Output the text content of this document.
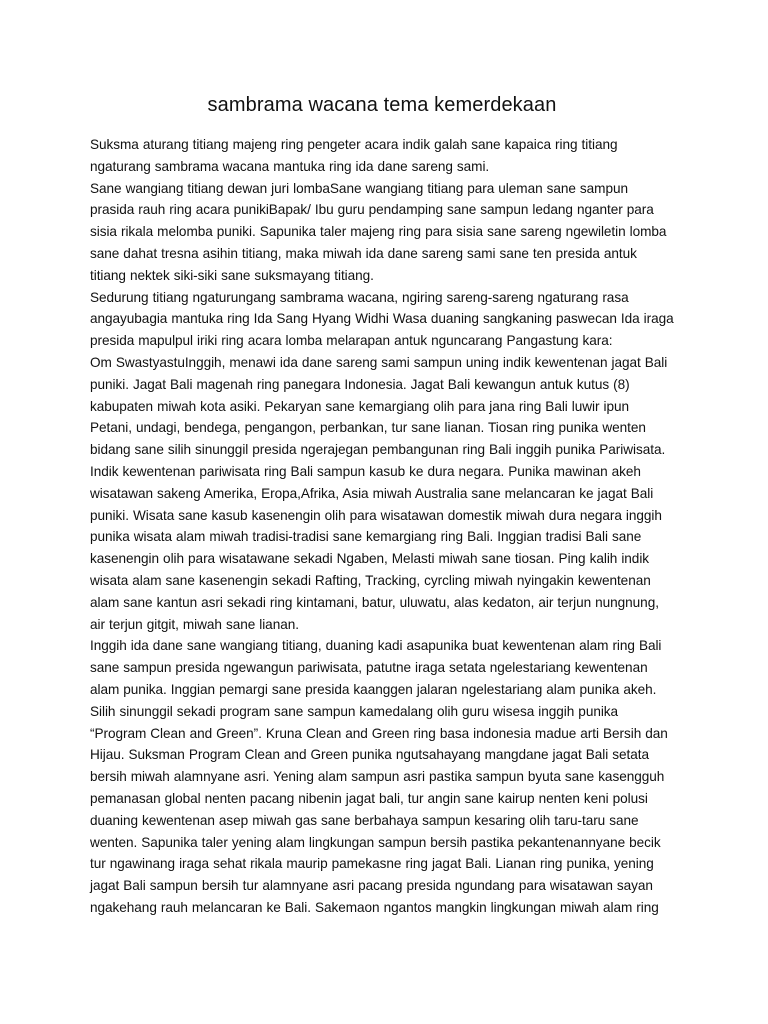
sambrama wacana tema kemerdekaan

Suksma aturang titiang majeng ring pengeter acara indik galah sane kapaica ring titiang ngaturang sambrama wacana mantuka ring ida dane sareng sami.

Sane wangiang titiang dewan juri lombaSane wangiang titiang para uleman sane sampun prasida rauh ring acara punikiBapak/ Ibu guru pendamping sane sampun ledang nganter para sisia rikala melomba puniki. Sapunika taler majeng ring para sisia sane sareng ngewiletin lomba sane dahat tresna asihin titiang, maka miwah ida dane sareng sami sane ten presida antuk titiang nektek siki-siki sane suksmayang titiang.

Sedurung titiang ngaturungang sambrama wacana, ngiring sareng-sareng ngaturang rasa angayubagia mantuka ring Ida Sang Hyang Widhi Wasa duaning sangkaning paswecan Ida iraga presida mapulpul iriki ring acara lomba melarapan antuk nguncarang Pangastung kara:

Om SwastyastuInggih, menawi ida dane sareng sami sampun uning indik kewentenan jagat Bali puniki. Jagat Bali magenah ring panegara Indonesia. Jagat Bali kewangun antuk kutus (8) kabupaten miwah kota asiki. Pekaryan sane kemargiang olih para jana ring Bali luwir ipun Petani, undagi, bendega, pengangon, perbankan, tur sane lianan. Tiosan ring punika wenten bidang sane silih sinunggil presida ngerajegan pembangunan ring Bali inggih punika Pariwisata. Indik kewentenan pariwisata ring Bali sampun kasub ke dura negara. Punika mawinan akeh wisatawan sakeng Amerika, Eropa,Afrika, Asia miwah Australia sane melancaran ke jagat Bali puniki. Wisata sane kasub kasenengin olih para wisatawan domestik miwah dura negara inggih punika wisata alam miwah tradisi-tradisi sane kemargiang ring Bali. Inggian tradisi Bali sane kasenengin olih para wisatawane sekadi Ngaben, Melasti miwah sane tiosan. Ping kalih indik wisata alam sane kasenengin sekadi Rafting, Tracking, cyrcling miwah nyingakin kewentenan alam sane kantun asri sekadi ring kintamani, batur, uluwatu, alas kedaton, air terjun nungnung, air terjun gitgit, miwah sane lianan.

Inggih ida dane sane wangiang titiang, duaning kadi asapunika buat kewentenan alam ring Bali sane sampun presida ngewangun pariwisata, patutne iraga setata ngelestariang kewentenan alam punika. Inggian pemargi sane presida kaanggen jalaran ngelestariang alam punika akeh. Silih sinunggil sekadi program sane sampun kamedalang olih guru wisesa inggih punika “Program Clean and Green”. Kruna Clean and Green ring basa indonesia madue arti Bersih dan Hijau. Suksman Program Clean and Green punika ngutsahayang mangdane jagat Bali setata bersih miwah alamnyane asri. Yening alam sampun asri pastika sampun byuta sane kasengguh pemanasan global nenten pacang nibenin jagat bali, tur angin sane kairup nenten keni polusi duaning kewentenan asep miwah gas sane berbahaya sampun kesaring olih taru-taru sane wenten. Sapunika taler yening alam lingkungan sampun bersih pastika pekantenannyane becik tur ngawinang iraga sehat rikala maurip pamekasne ring jagat Bali. Lianan ring punika, yening jagat Bali sampun bersih tur alamnyane asri pacang presida ngundang para wisatawan sayan ngakehang rauh melancaran ke Bali. Sakemaon ngantos mangkin lingkungan miwah alam ring
